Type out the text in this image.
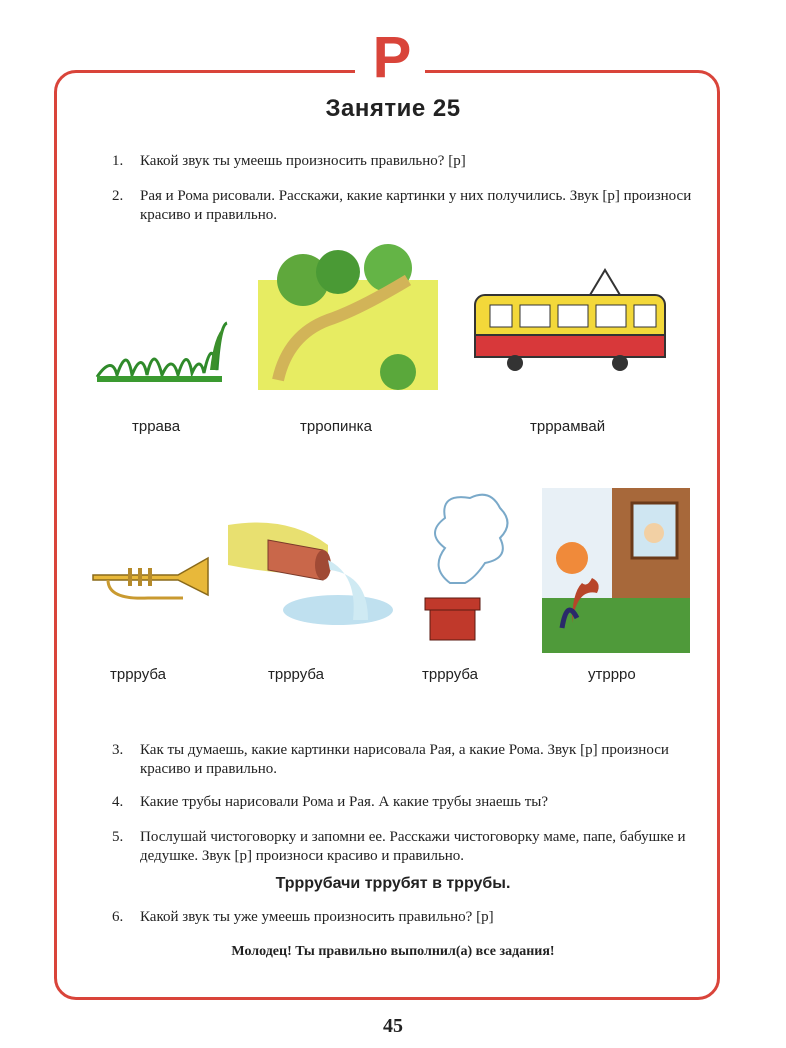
Р
Занятие 25
1. Какой звук ты умеешь произносить правильно? [р]
2. Рая и Рома рисовали. Расскажи, какие картинки у них получились. Звук [р] произноси красиво и правильно.
тррава	трропинка	трррамвай
тррруба	тррруба	тррруба	утррро
3. Как ты думаешь, какие картинки нарисовала Рая, а какие Рома. Звук [р] произноси красиво и правильно.
4. Какие трубы нарисовали Рома и Рая. А какие трубы знаешь ты?
5. Послушай чистоговорку и запомни ее. Расскажи чистоговорку маме, папе, бабушке и дедушке. Звук [р] произноси красиво и правильно.
Трррубачи тррубят в тррубы.
6. Какой звук ты уже умеешь произносить правильно? [р]
Молодец! Ты правильно выполнил(а) все задания!
45
